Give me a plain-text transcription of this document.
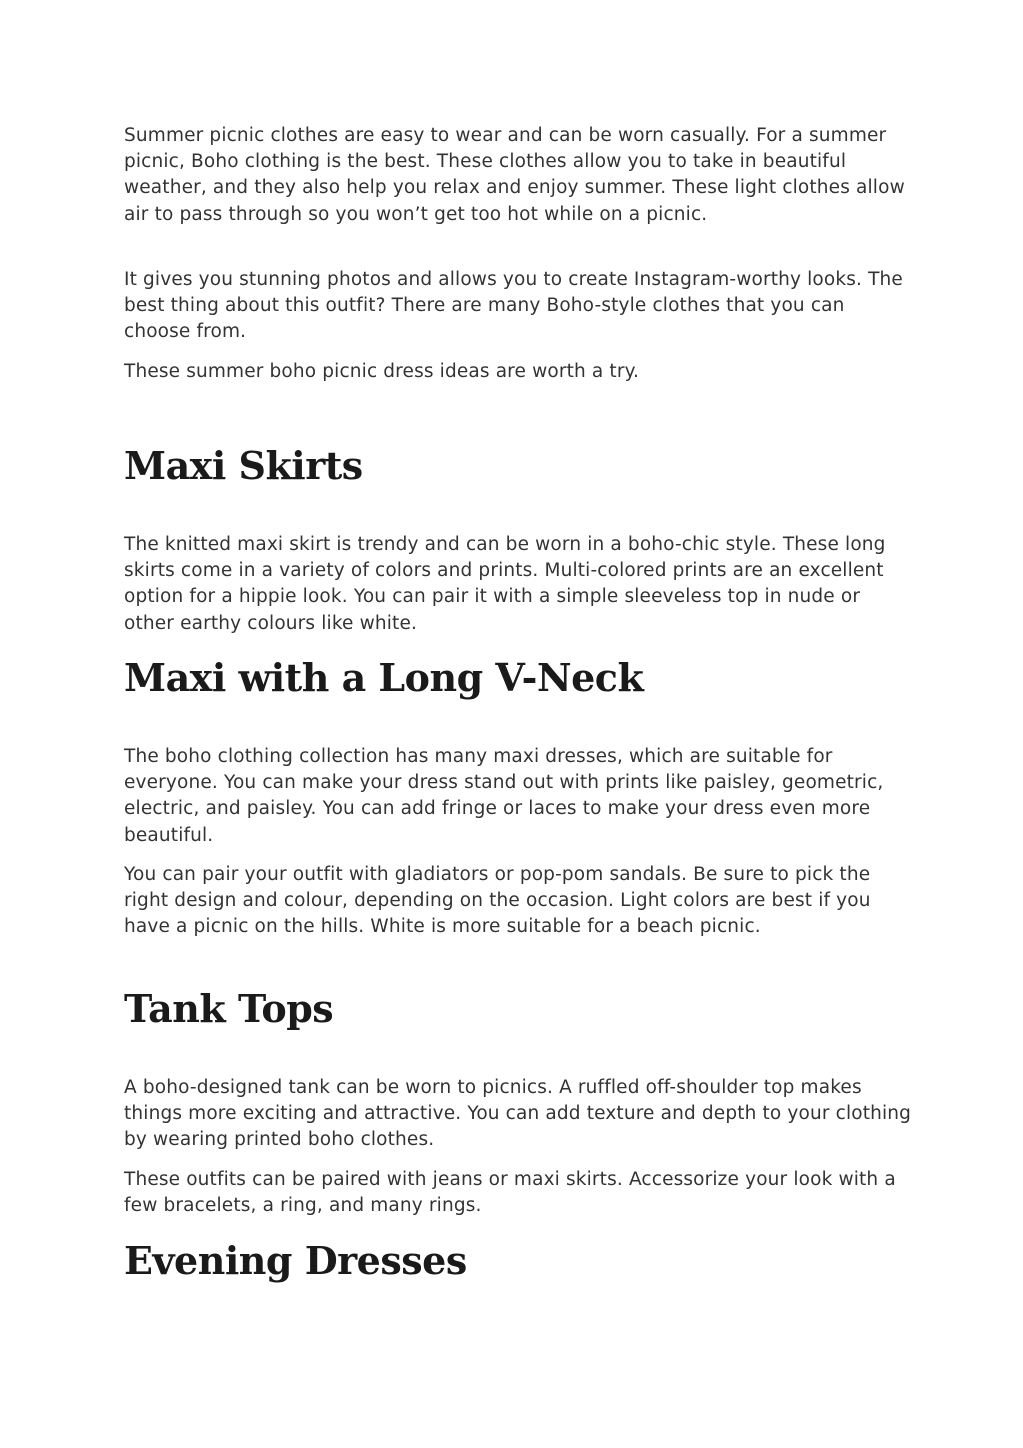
Summer picnic clothes are easy to wear and can be worn casually. For a summer picnic, Boho clothing is the best. These clothes allow you to take in beautiful weather, and they also help you relax and enjoy summer. These light clothes allow air to pass through so you won’t get too hot while on a picnic.

It gives you stunning photos and allows you to create Instagram-worthy looks. The best thing about this outfit? There are many Boho-style clothes that you can choose from.

These summer boho picnic dress ideas are worth a try.

Maxi Skirts

The knitted maxi skirt is trendy and can be worn in a boho-chic style. These long skirts come in a variety of colors and prints. Multi-colored prints are an excellent option for a hippie look. You can pair it with a simple sleeveless top in nude or other earthy colours like white.

Maxi with a Long V-Neck

The boho clothing collection has many maxi dresses, which are suitable for everyone. You can make your dress stand out with prints like paisley, geometric, electric, and paisley. You can add fringe or laces to make your dress even more beautiful.

You can pair your outfit with gladiators or pop-pom sandals. Be sure to pick the right design and colour, depending on the occasion. Light colors are best if you have a picnic on the hills. White is more suitable for a beach picnic.

Tank Tops

A boho-designed tank can be worn to picnics. A ruffled off-shoulder top makes things more exciting and attractive. You can add texture and depth to your clothing by wearing printed boho clothes.

These outfits can be paired with jeans or maxi skirts. Accessorize your look with a few bracelets, a ring, and many rings.

Evening Dresses
